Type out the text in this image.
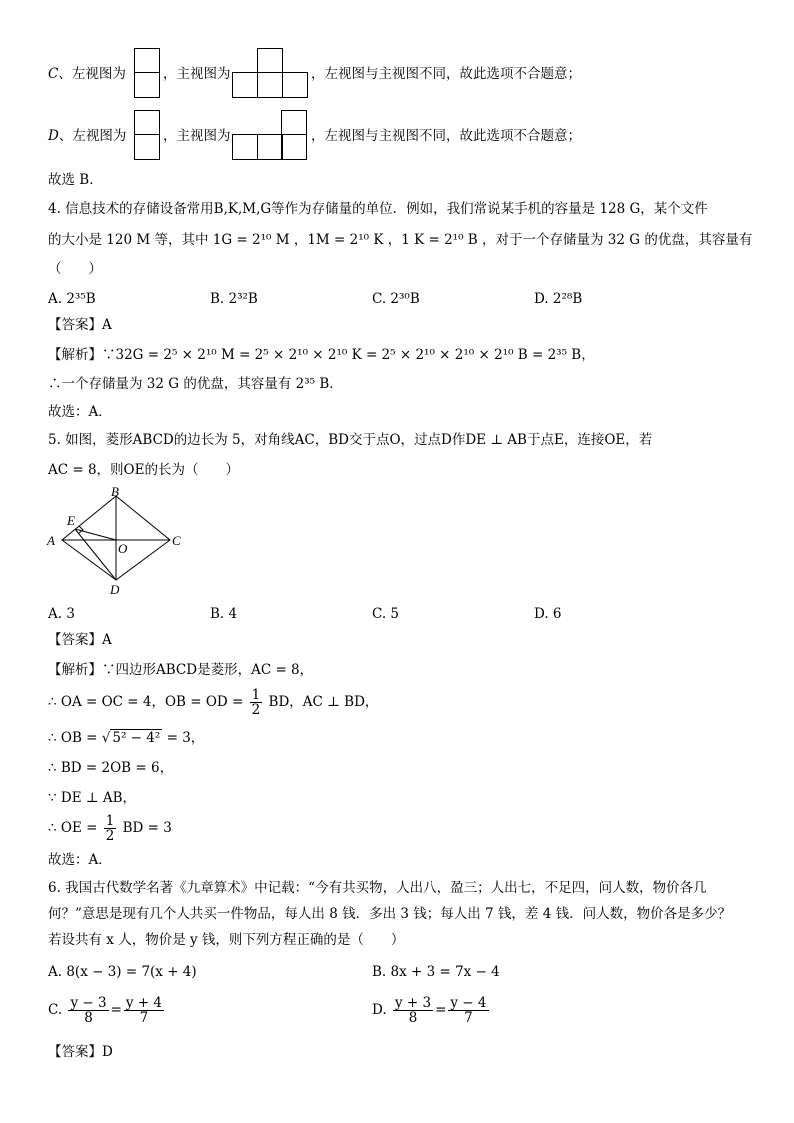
C、左视图为	，主视图为	，左视图与主视图不同，故此选项不合题意；
D、左视图为	，主视图为	，左视图与主视图不同，故此选项不合题意；
故选 B．
4. 信息技术的存储设备常用B,K,M,G等作为存储量的单位．例如，我们常说某手机的容量是 128 G，某个文件
的大小是 120 M 等，其中 1G = 2¹⁰ M ，1M = 2¹⁰ K ，1 K = 2¹⁰ B ，对于一个存储量为 32 G 的优盘，其容量有
（　　）
A. 2³⁵B	B. 2³²B	C. 2³⁰B	D. 2²⁸B
【答案】A
【解析】∵32G = 2⁵ × 2¹⁰ M = 2⁵ × 2¹⁰ × 2¹⁰ K = 2⁵ × 2¹⁰ × 2¹⁰ × 2¹⁰ B = 2³⁵ B，
∴一个存储量为 32 G 的优盘，其容量有 2³⁵ B．
故选：A．
5. 如图，菱形ABCD的边长为 5，对角线AC，BD交于点O，过点D作DE ⊥ AB于点E，连接OE，若
AC = 8，则OE的长为（　　）
A
B
C
D
E
O
A. 3	B. 4	C. 5	D. 6
【答案】A
【解析】∵四边形ABCD是菱形，AC = 8，
∴ OA = OC = 4，OB = OD = $\frac{1}{2}$ BD，AC ⊥ BD，
∴ OB = √ 5² − 4² = 3，
∴ BD = 2OB = 6，
∵ DE ⊥ AB，
∴ OE = $\frac{1}{2}$ BD = 3
故选：A．
6. 我国古代数学名著《九章算术》中记载：“今有共买物，人出八，盈三；人出七，不足四，问人数，物价各几
何？”意思是现有几个人共买一件物品，每人出 8 钱．多出 3 钱；每人出 7 钱，差 4 钱．问人数，物价各是多少？
若设共有 x 人，物价是 y 钱，则下列方程正确的是（　　）
A. 8(x − 3) = 7(x + 4)	B. 8x + 3 = 7x − 4
C. $\frac{y - 3}{8} = \frac{y + 4}{7}$	D. $\frac{y + 3}{8} = \frac{y - 4}{7}$
【答案】D
